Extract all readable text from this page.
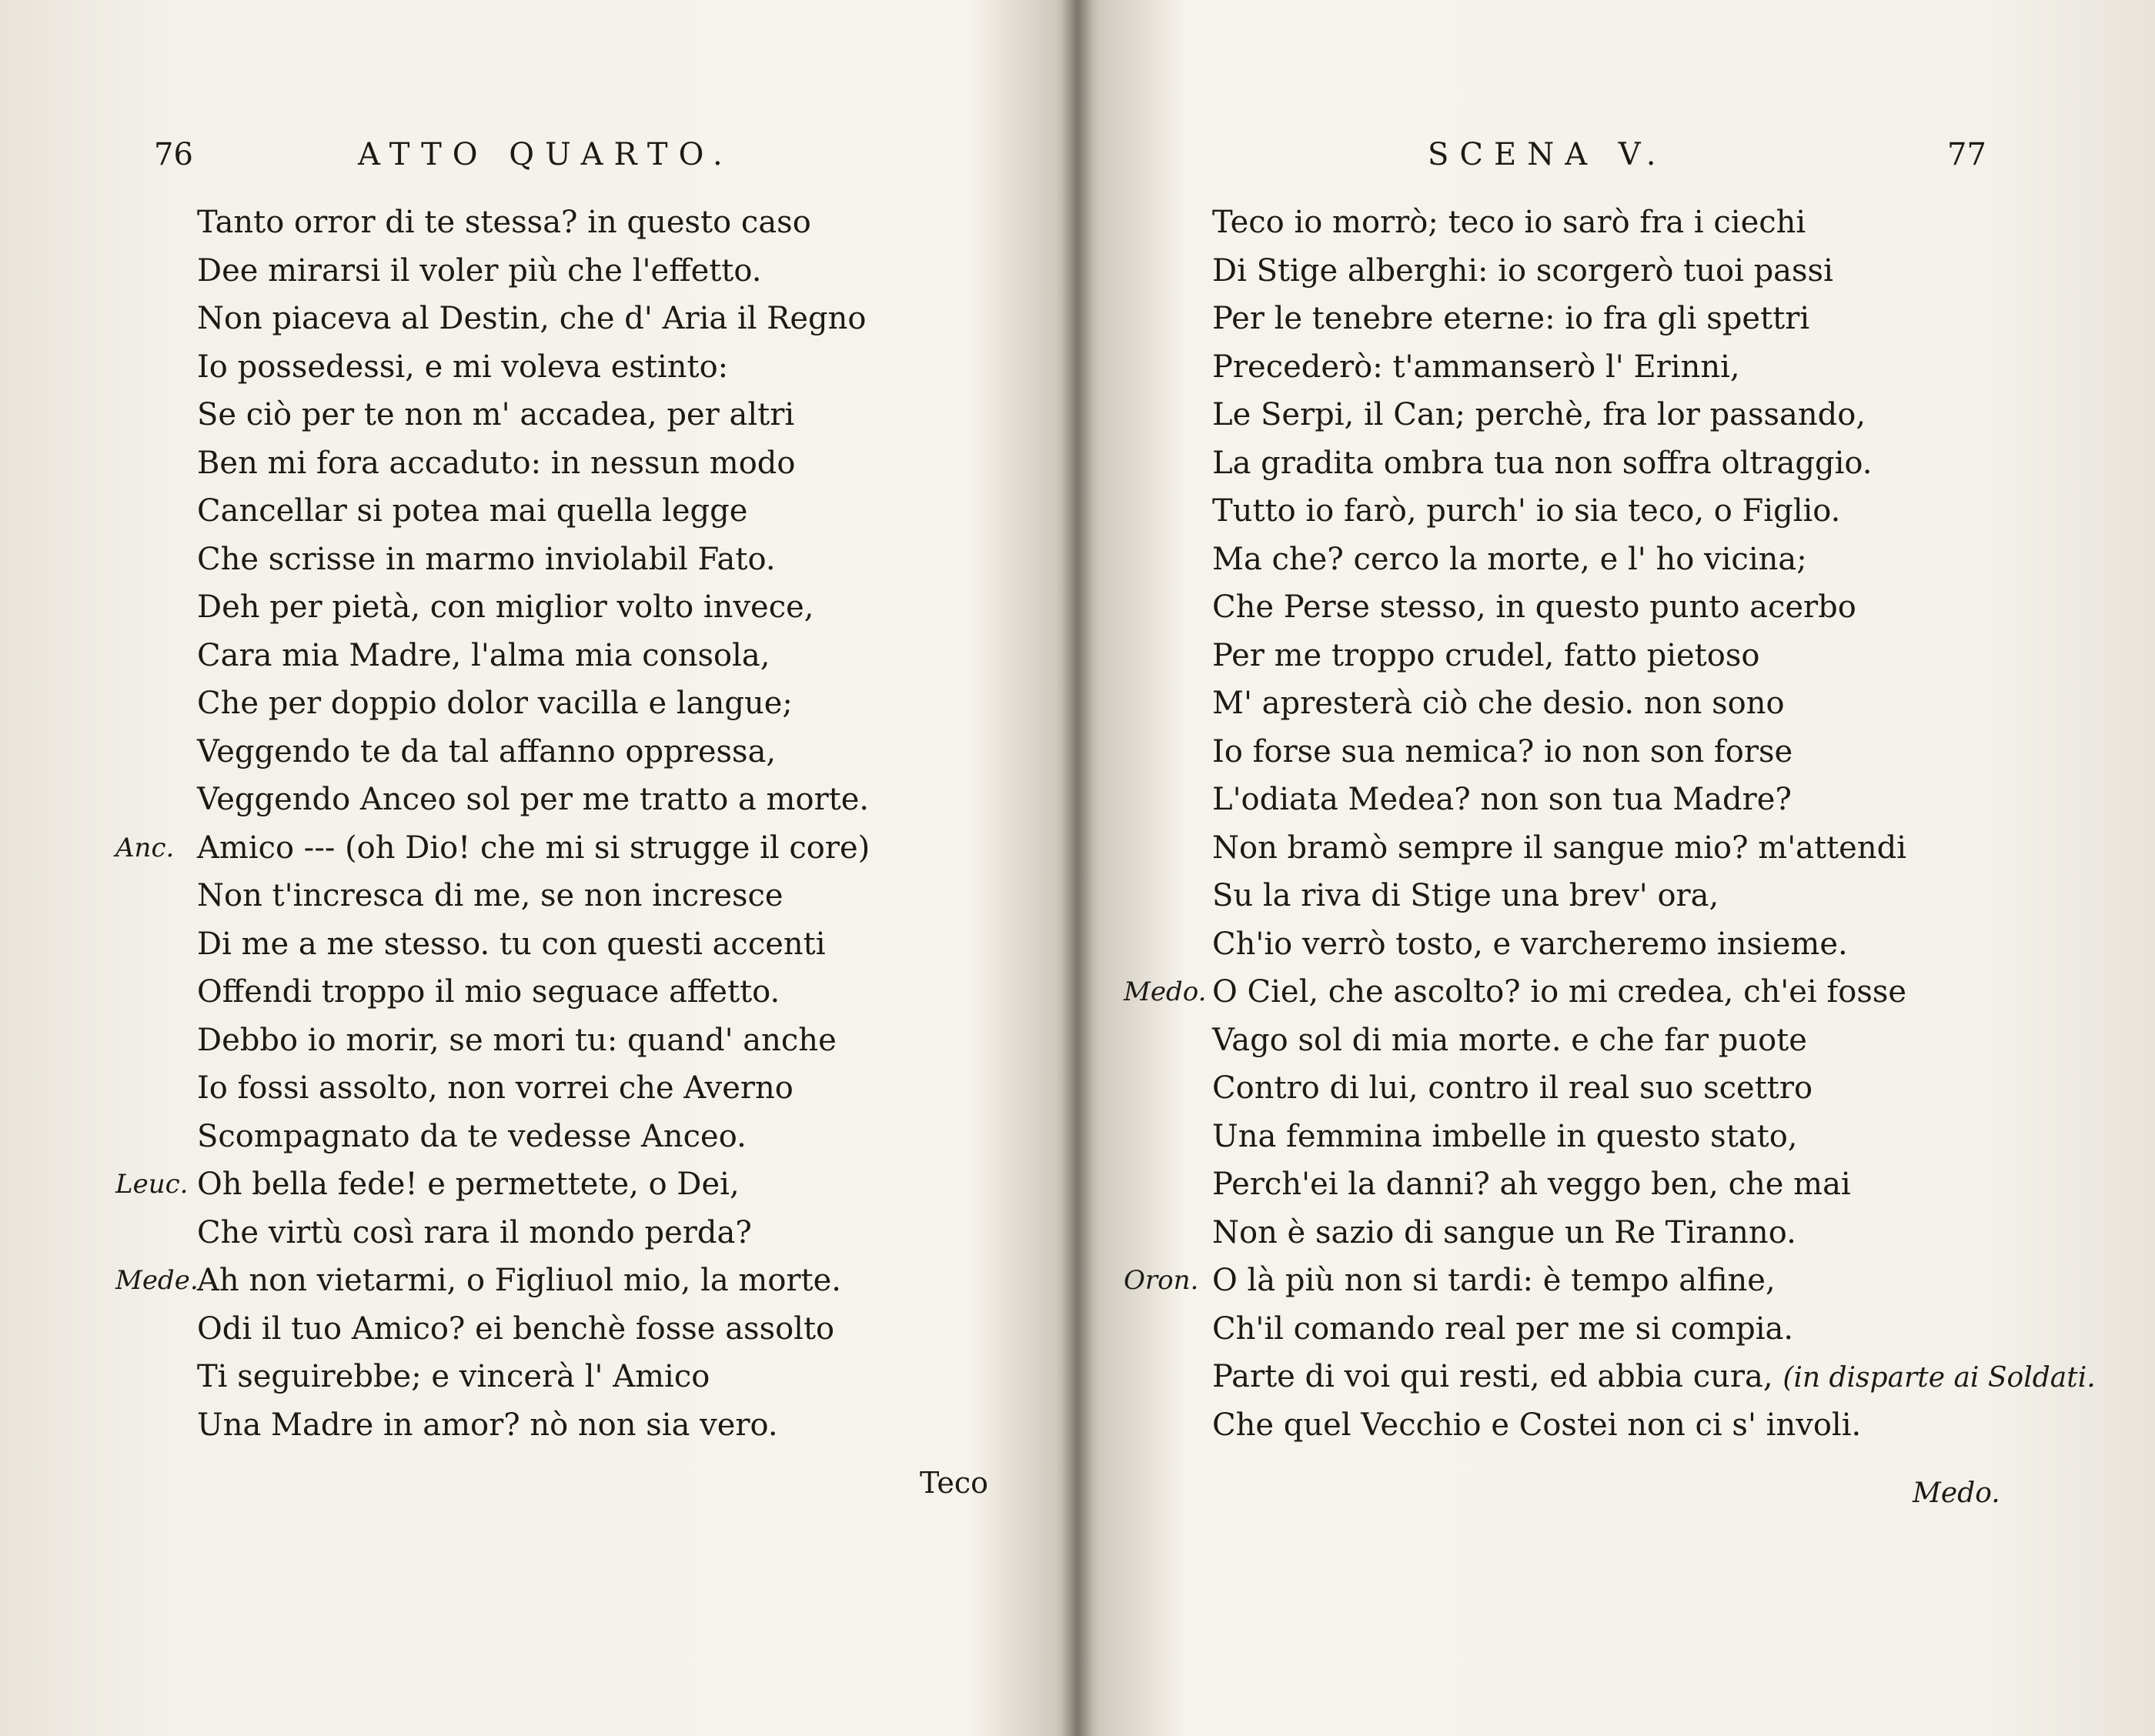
76	ATTO QUARTO.
Tanto orror di te stessa? in questo caso
Dee mirarsi il voler più che l'effetto.
Non piaceva al Destin, che d' Aria il Regno
Io possedessi, e mi voleva estinto:
Se ciò per te non m' accadea, per altri
Ben mi fora accaduto: in nessun modo
Cancellar si potea mai quella legge
Che scrisse in marmo inviolabil Fato.
Deh per pietà, con miglior volto invece,
Cara mia Madre, l'alma mia consola,
Che per doppio dolor vacilla e langue;
Veggendo te da tal affanno oppressa,
Veggendo Anceo sol per me tratto a morte.
Anc. Amico --- (oh Dio! che mi si strugge il core)
Non t'incresca di me, se non increscе
Di me a me stesso. tu con questi accenti
Offendi troppo il mio seguace affetto.
Debbo io morir, se mori tu: quand' anche
Io fossi assolto, non vorrei che Averno
Scompagnato da te vedesse Anceo.
Leuc. Oh bella fede! e permettete, o Dei,
Che virtù così rara il mondo perda?
Mede.
Ah non vietarmi, o Figliuol mio, la morte.
Odi il tuo Amico? ei benchè fosse assolto
Ti seguirebbe; e vincerà l' Amico
Una Madre in amor? nò non sia vero.
Teco
SCENA V.	77
Teco io morrò; teco io sarò fra i ciechi
Di Stige alberghi: io scorgerò tuoi passi
Per le tenebre eterne: io fra gli spettri
Precederò: t'ammanserò l' Erinni,
Le Serpi, il Can; perchè, fra lor passando,
La gradita ombra tua non soffra oltraggio.
Tutto io farò, purch' io sia teco, o Figlio.
Ma che? cerco la morte, e l' ho vicina;
Che Perse stesso, in questo punto acerbo
Per me troppo crudel, fatto pietoso
M' apresterà ciò che desio. non sono
Io forse sua nemica? io non son forse
L'odiata Medea? non son tua Madre?
Non bramò sempre il sangue mio? m'attendi
Su la riva di Stige una brev' ora,
Ch'io verrò tosto, e varcheremo insieme.
Medo. O Ciel, che ascolto? io mi credea, ch'ei fosse
Vago sol di mia morte. e che far puote
Contro di lui, contro il real suo scettro
Una femmina imbelle in questo stato,
Perch'ei la danni? ah veggo ben, che mai
Non è sazio di sangue un Re Tiranno.
Oron. O là più non si tardi: è tempo alfine,
Ch'il comando real per me si compia.
Parte di voi qui resti, ed abbia cura, (in disparte ai Soldati.
Che quel Vecchio e Costei non ci s' involi.
Medo.
